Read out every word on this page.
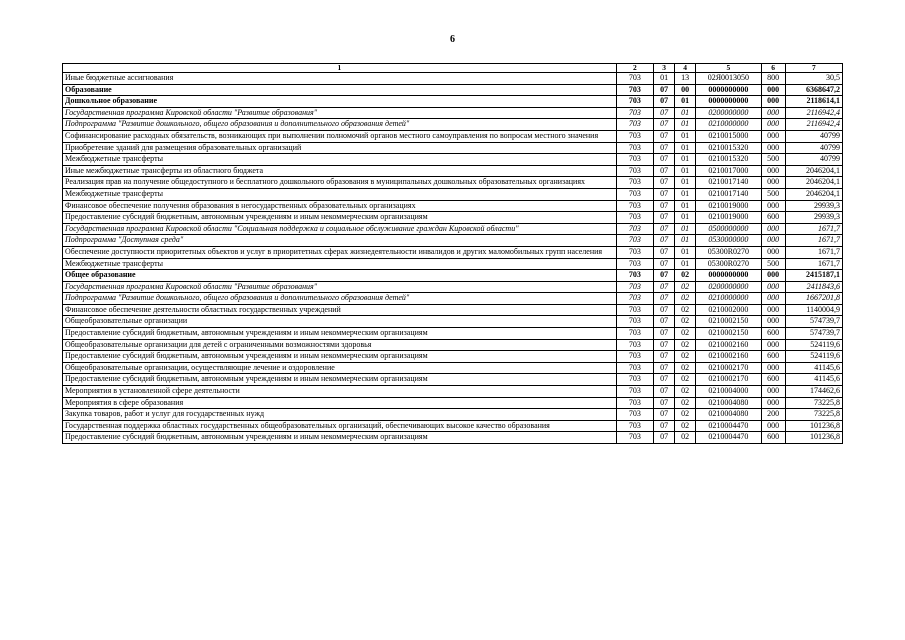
6
1	2	3	4	5	6	7
Иные бюджетные ассигнования	703	01	13	02Я0013050	800	30,5
Образование	703	07	00	0000000000	000	6368647,2
Дошкольное образование	703	07	01	0000000000	000	2118614,1
Государственная программа Кировской области "Развитие образования"	703	07	01	0200000000	000	2116942,4
Подпрограмма "Развитие дошкольного, общего образования и дополнительного образования детей"	703	07	01	0210000000	000	2116942,4
Софинансирование расходных обязательств, возникающих при выполнении полномочий органов местного самоуправления по вопросам местного значения	703	07	01	0210015000	000	40799
Приобретение зданий для размещения образовательных организаций	703	07	01	0210015320	000	40799
Межбюджетные трансферты	703	07	01	0210015320	500	40799
Иные межбюджетные трансферты из областного бюджета	703	07	01	0210017000	000	2046204,1
Реализация прав на получение общедоступного и бесплатного дошкольного образования в муниципальных дошкольных образовательных организациях	703	07	01	0210017140	000	2046204,1
Межбюджетные трансферты	703	07	01	0210017140	500	2046204,1
Финансовое обеспечение получения образования в негосударственных образовательных организациях	703	07	01	0210019000	000	29939,3
Предоставление субсидий бюджетным, автономным учреждениям и иным некоммерческим организациям	703	07	01	0210019000	600	29939,3
Государственная программа Кировской области "Социальная поддержка и социальное обслуживание граждан Кировской области"	703	07	01	0500000000	000	1671,7
Подпрограмма "Доступная среда"	703	07	01	0530000000	000	1671,7
Обеспечение доступности приоритетных объектов и услуг в приоритетных сферах жизнедеятельности инвалидов и других маломобильных групп населения	703	07	01	05300R0270	000	1671,7
Межбюджетные трансферты	703	07	01	05300R0270	500	1671,7
Общее образование	703	07	02	0000000000	000	2415187,1
Государственная программа Кировской области "Развитие образования"	703	07	02	0200000000	000	2411843,6
Подпрограмма "Развитие дошкольного, общего образования и дополнительного образования детей"	703	07	02	0210000000	000	1667201,8
Финансовое обеспечение деятельности областных государственных учреждений	703	07	02	0210002000	000	1140004,9
Общеобразовательные организации	703	07	02	0210002150	000	574739,7
Предоставление субсидий бюджетным, автономным учреждениям и иным некоммерческим организациям	703	07	02	0210002150	600	574739,7
Общеобразовательные организации для детей с ограниченными возможностями здоровья	703	07	02	0210002160	000	524119,6
Предоставление субсидий бюджетным, автономным учреждениям и иным некоммерческим организациям	703	07	02	0210002160	600	524119,6
Общеобразовательные организации, осуществляющие лечение и оздоровление	703	07	02	0210002170	000	41145,6
Предоставление субсидий бюджетным, автономным учреждениям и иным некоммерческим организациям	703	07	02	0210002170	600	41145,6
Мероприятия в установленной сфере деятельности	703	07	02	0210004000	000	174462,6
Мероприятия в сфере образования	703	07	02	0210004080	000	73225,8
Закупка товаров, работ и услуг для государственных нужд	703	07	02	0210004080	200	73225,8
Государственная поддержка областных государственных общеобразовательных организаций, обеспечивающих высокое качество образования	703	07	02	0210004470	000	101236,8
Предоставление субсидий бюджетным, автономным учреждениям и иным некоммерческим организациям	703	07	02	0210004470	600	101236,8
